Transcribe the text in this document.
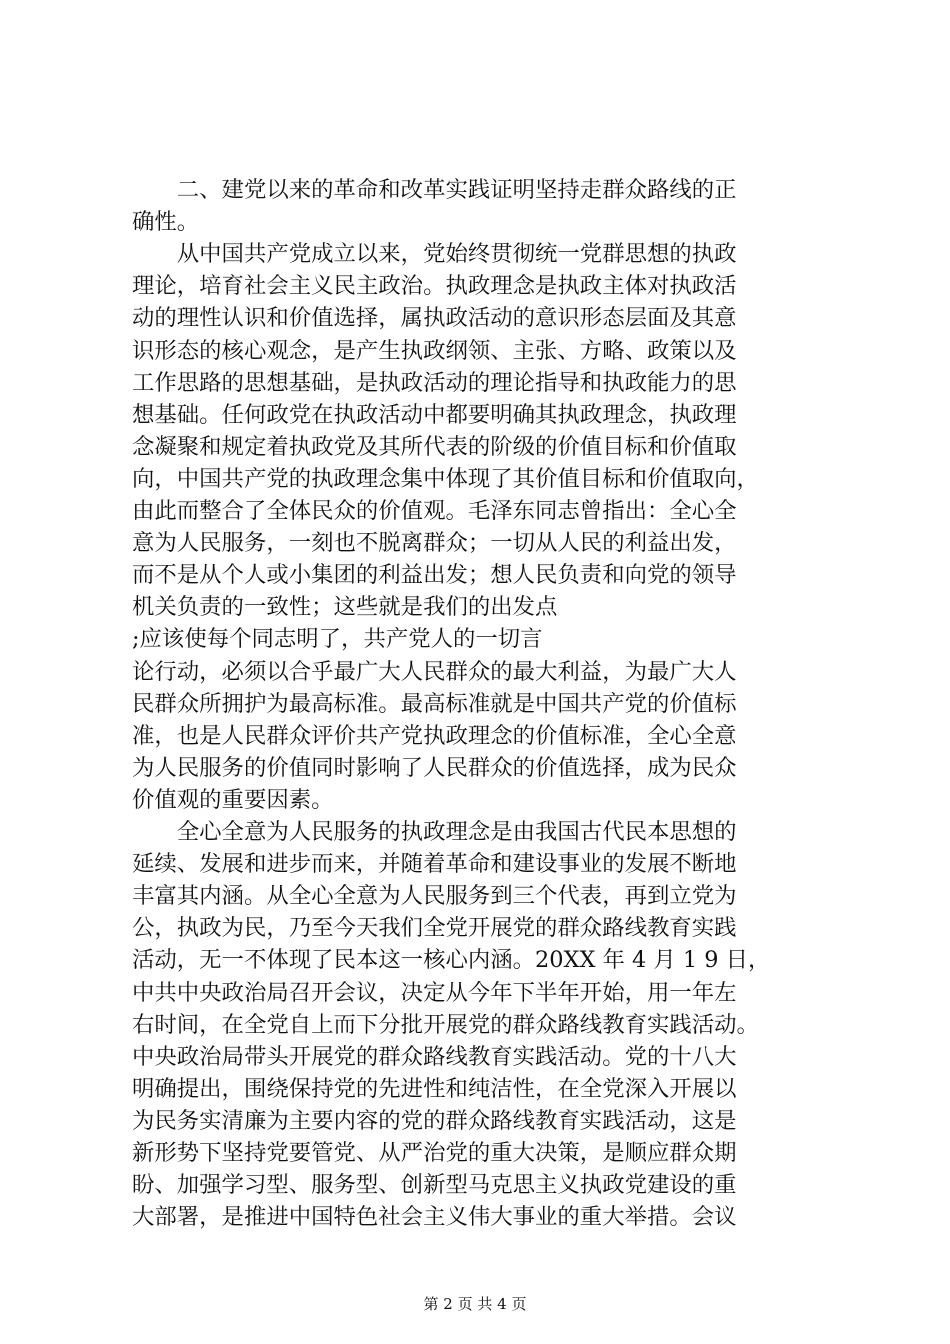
　　二、建党以来的革命和改革实践证明坚持走群众路线的正
确性。
　　从中国共产党成立以来，党始终贯彻统一党群思想的执政
理论，培育社会主义民主政治。执政理念是执政主体对执政活
动的理性认识和价值选择，属执政活动的意识形态层面及其意
识形态的核心观念，是产生执政纲领、主张、方略、政策以及
工作思路的思想基础，是执政活动的理论指导和执政能力的思
想基础。任何政党在执政活动中都要明确其执政理念，执政理
念凝聚和规定着执政党及其所代表的阶级的价值目标和价值取
向，中国共产党的执政理念集中体现了其价值目标和价值取向，
由此而整合了全体民众的价值观。毛泽东同志曾指出：全心全
意为人民服务，一刻也不脱离群众；一切从人民的利益出发，
而不是从个人或小集团的利益出发；想人民负责和向党的领导
机关负责的一致性；这些就是我们的出发点
;应该使每个同志明了，共产党人的一切言
论行动，必须以合乎最广大人民群众的最大利益，为最广大人
民群众所拥护为最高标准。最高标准就是中国共产党的价值标
准，也是人民群众评价共产党执政理念的价值标准，全心全意
为人民服务的价值同时影响了人民群众的价值选择，成为民众
价值观的重要因素。
　　全心全意为人民服务的执政理念是由我国古代民本思想的
延续、发展和进步而来，并随着革命和建设事业的发展不断地
丰富其内涵。从全心全意为人民服务到三个代表，再到立党为
公，执政为民，乃至今天我们全党开展党的群众路线教育实践
活动，无一不体现了民本这一核心内涵。20XX 年 4 月 1 9 日，
中共中央政治局召开会议，决定从今年下半年开始，用一年左
右时间，在全党自上而下分批开展党的群众路线教育实践活动。
中央政治局带头开展党的群众路线教育实践活动。党的十八大
明确提出，围绕保持党的先进性和纯洁性，在全党深入开展以
为民务实清廉为主要内容的党的群众路线教育实践活动，这是
新形势下坚持党要管党、从严治党的重大决策，是顺应群众期
盼、加强学习型、服务型、创新型马克思主义执政党建设的重
大部署，是推进中国特色社会主义伟大事业的重大举措。会议
第 2 页 共 4 页
